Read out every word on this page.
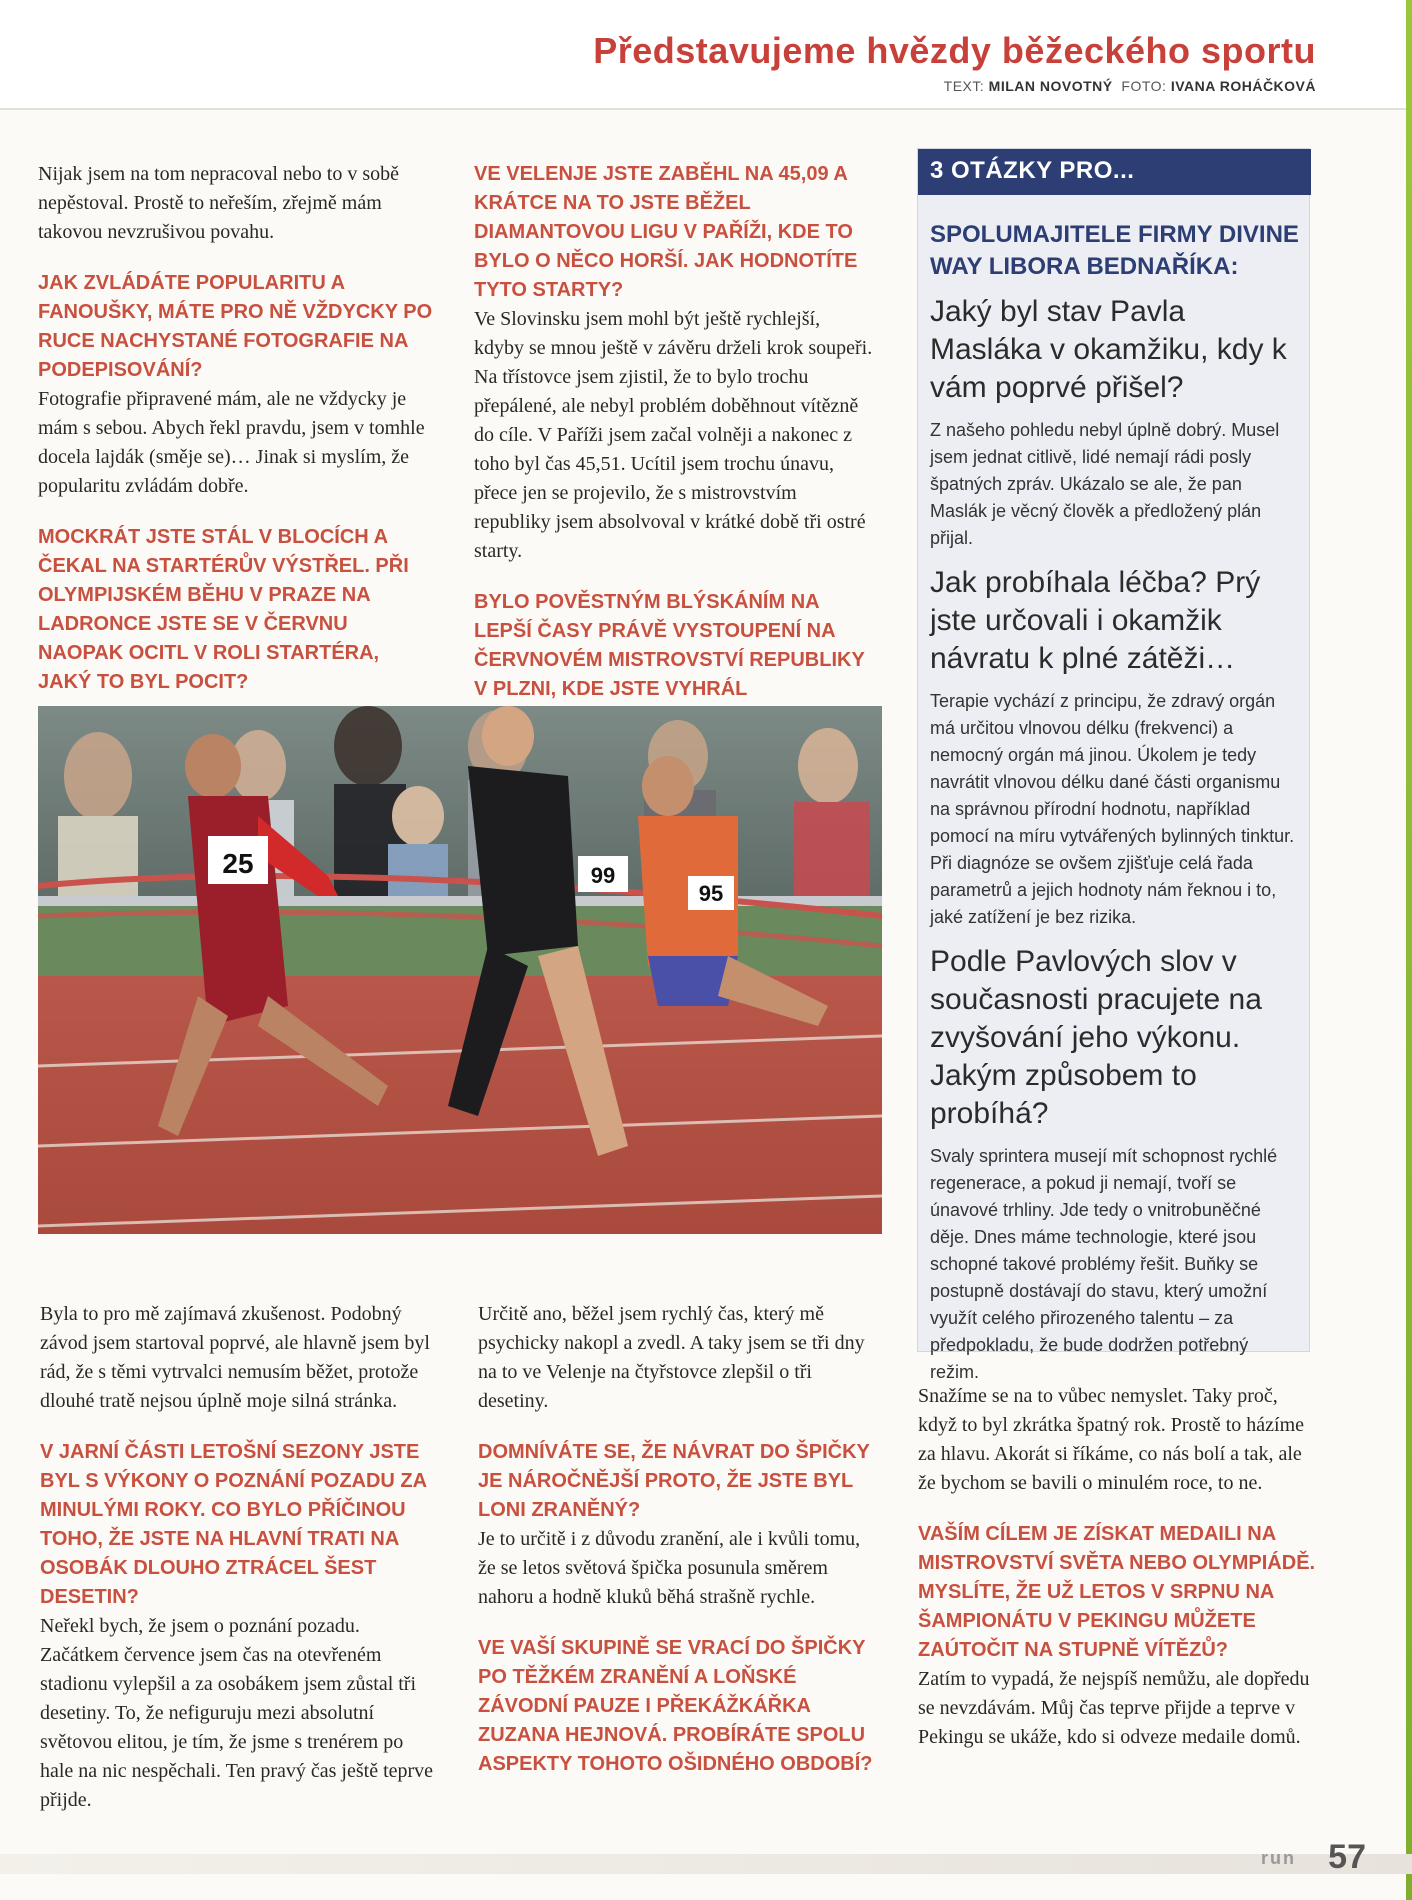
Představujeme hvězdy běžeckého sportu
TEXT: MILAN NOVOTNÝ FOTO: IVANA ROHÁČKOVÁ
Nijak jsem na tom nepracoval nebo to v sobě nepěstoval. Prostě to neřeším, zřejmě mám takovou nevzrušivou povahu.
JAK ZVLÁDÁTE POPULARITU A FANOUŠKY, MÁTE PRO NĚ VŽDYCKY PO RUCE NACHYSTANÉ FOTOGRAFIE NA PODEPISOVÁNÍ?
Fotografie připravené mám, ale ne vždycky je mám s sebou. Abych řekl pravdu, jsem v tomhle docela lajdák (směje se)… Jinak si myslím, že popularitu zvládám dobře.
MOCKRÁT JSTE STÁL V BLOCÍCH A ČEKAL NA STARTÉRŮV VÝSTŘEL. PŘI OLYMPIJSKÉM BĚHU V PRAZE NA LADRONCE JSTE SE V ČERVNU NAOPAK OCITL V ROLI STARTÉRA, JAKÝ TO BYL POCIT?
VE VELENJE JSTE ZABĚHL NA 45,09 A KRÁTCE NA TO JSTE BĚŽEL DIAMANTOVOU LIGU V PAŘÍŽI, KDE TO BYLO O NĚCO HORŠÍ. JAK HODNOTÍTE TYTO STARTY?
Ve Slovinsku jsem mohl být ještě rychlejší, kdyby se mnou ještě v závěru drželi krok soupeři. Na třístovce jsem zjistil, že to bylo trochu přepálené, ale nebyl problém doběhnout vítězně do cíle. V Paříži jsem začal volněji a nakonec z toho byl čas 45,51. Ucítil jsem trochu únavu, přece jen se projevilo, že s mistrovstvím republiky jsem absolvoval v krátké době tři ostré starty.
BYLO POVĚSTNÝM BLÝSKÁNÍM NA LEPŠÍ ČASY PRÁVĚ VYSTOUPENÍ NA ČERVNOVÉM MISTROVSTVÍ REPUBLIKY V PLZNI, KDE JSTE VYHRÁL
25	99
95
Byla to pro mě zajímavá zkušenost. Podobný závod jsem startoval poprvé, ale hlavně jsem byl rád, že s těmi vytrvalci nemusím běžet, protože dlouhé tratě nejsou úplně moje silná stránka.
V JARNÍ ČÁSTI LETOŠNÍ SEZONY JSTE BYL S VÝKONY O POZNÁNÍ POZADU ZA MINULÝMI ROKY. CO BYLO PŘÍČINOU TOHO, ŽE JSTE NA HLAVNÍ TRATI NA OSOBÁK DLOUHO ZTRÁCEL ŠEST DESETIN?
Neřekl bych, že jsem o poznání pozadu. Začátkem července jsem čas na otevřeném stadionu vylepšil a za osobákem jsem zůstal tři desetiny. To, že nefiguruju mezi absolutní světovou elitou, je tím, že jsme s trenérem po hale na nic nespěchali. Ten pravý čas ještě teprve přijde.
Určitě ano, běžel jsem rychlý čas, který mě psychicky nakopl a zvedl. A taky jsem se tři dny na to ve Velenje na čtyřstovce zlepšil o tři desetiny.
DOMNÍVÁTE SE, ŽE NÁVRAT DO ŠPIČKY JE NÁROČNĚJŠÍ PROTO, ŽE JSTE BYL LONI ZRANĚNÝ?
Je to určitě i z důvodu zranění, ale i kvůli tomu, že se letos světová špička posunula směrem nahoru a hodně kluků běhá strašně rychle.
VE VAŠÍ SKUPINĚ SE VRACÍ DO ŠPIČKY PO TĚŽKÉM ZRANĚNÍ A LOŇSKÉ ZÁVODNÍ PAUZE I PŘEKÁŽKÁŘKA ZUZANA HEJNOVÁ. PROBÍRÁTE SPOLU ASPEKTY TOHOTO OŠIDNÉHO OBDOBÍ?
Snažíme se na to vůbec nemyslet. Taky proč, když to byl zkrátka špatný rok. Prostě to házíme za hlavu. Akorát si říkáme, co nás bolí a tak, ale že bychom se bavili o minulém roce, to ne.
VAŠÍM CÍLEM JE ZÍSKAT MEDAILI NA MISTROVSTVÍ SVĚTA NEBO OLYMPIÁDĚ. MYSLÍTE, ŽE UŽ LETOS V SRPNU NA ŠAMPIONÁTU V PEKINGU MŮŽETE ZAÚTOČIT NA STUPNĚ VÍTĚZŮ?
Zatím to vypadá, že nejspíš nemůžu, ale dopředu se nevzdávám. Můj čas teprve přijde a teprve v Pekingu se ukáže, kdo si odveze medaile domů.
3 OTÁZKY PRO...
SPOLUMAJITELE FIRMY DIVINE WAY LIBORA BEDNAŘÍKA:
Jaký byl stav Pavla Masláka v okamžiku, kdy k vám poprvé přišel?
Z našeho pohledu nebyl úplně dobrý. Musel jsem jednat citlivě, lidé nemají rádi posly špatných zpráv. Ukázalo se ale, že pan Maslák je věcný člověk a předložený plán přijal.
Jak probíhala léčba? Prý jste určovali i okamžik návratu k plné zátěži…
Terapie vychází z principu, že zdravý orgán má určitou vlnovou délku (frekvenci) a nemocný orgán má jinou. Úkolem je tedy navrátit vlnovou délku dané části organismu na správnou přírodní hodnotu, například pomocí na míru vytvářených bylinných tinktur. Při diagnóze se ovšem zjišťuje celá řada parametrů a jejich hodnoty nám řeknou i to, jaké zatížení je bez rizika.
Podle Pavlových slov v současnosti pracujete na zvyšování jeho výkonu. Jakým způsobem to probíhá?
Svaly sprintera musejí mít schopnost rychlé regenerace, a pokud ji nemají, tvoří se únavové trhliny. Jde tedy o vnitrobuněčné děje. Dnes máme technologie, které jsou schopné takové problémy řešit. Buňky se postupně dostávají do stavu, který umožní využít celého přirozeného talentu – za předpokladu, že bude dodržen potřebný režim.
run 57
